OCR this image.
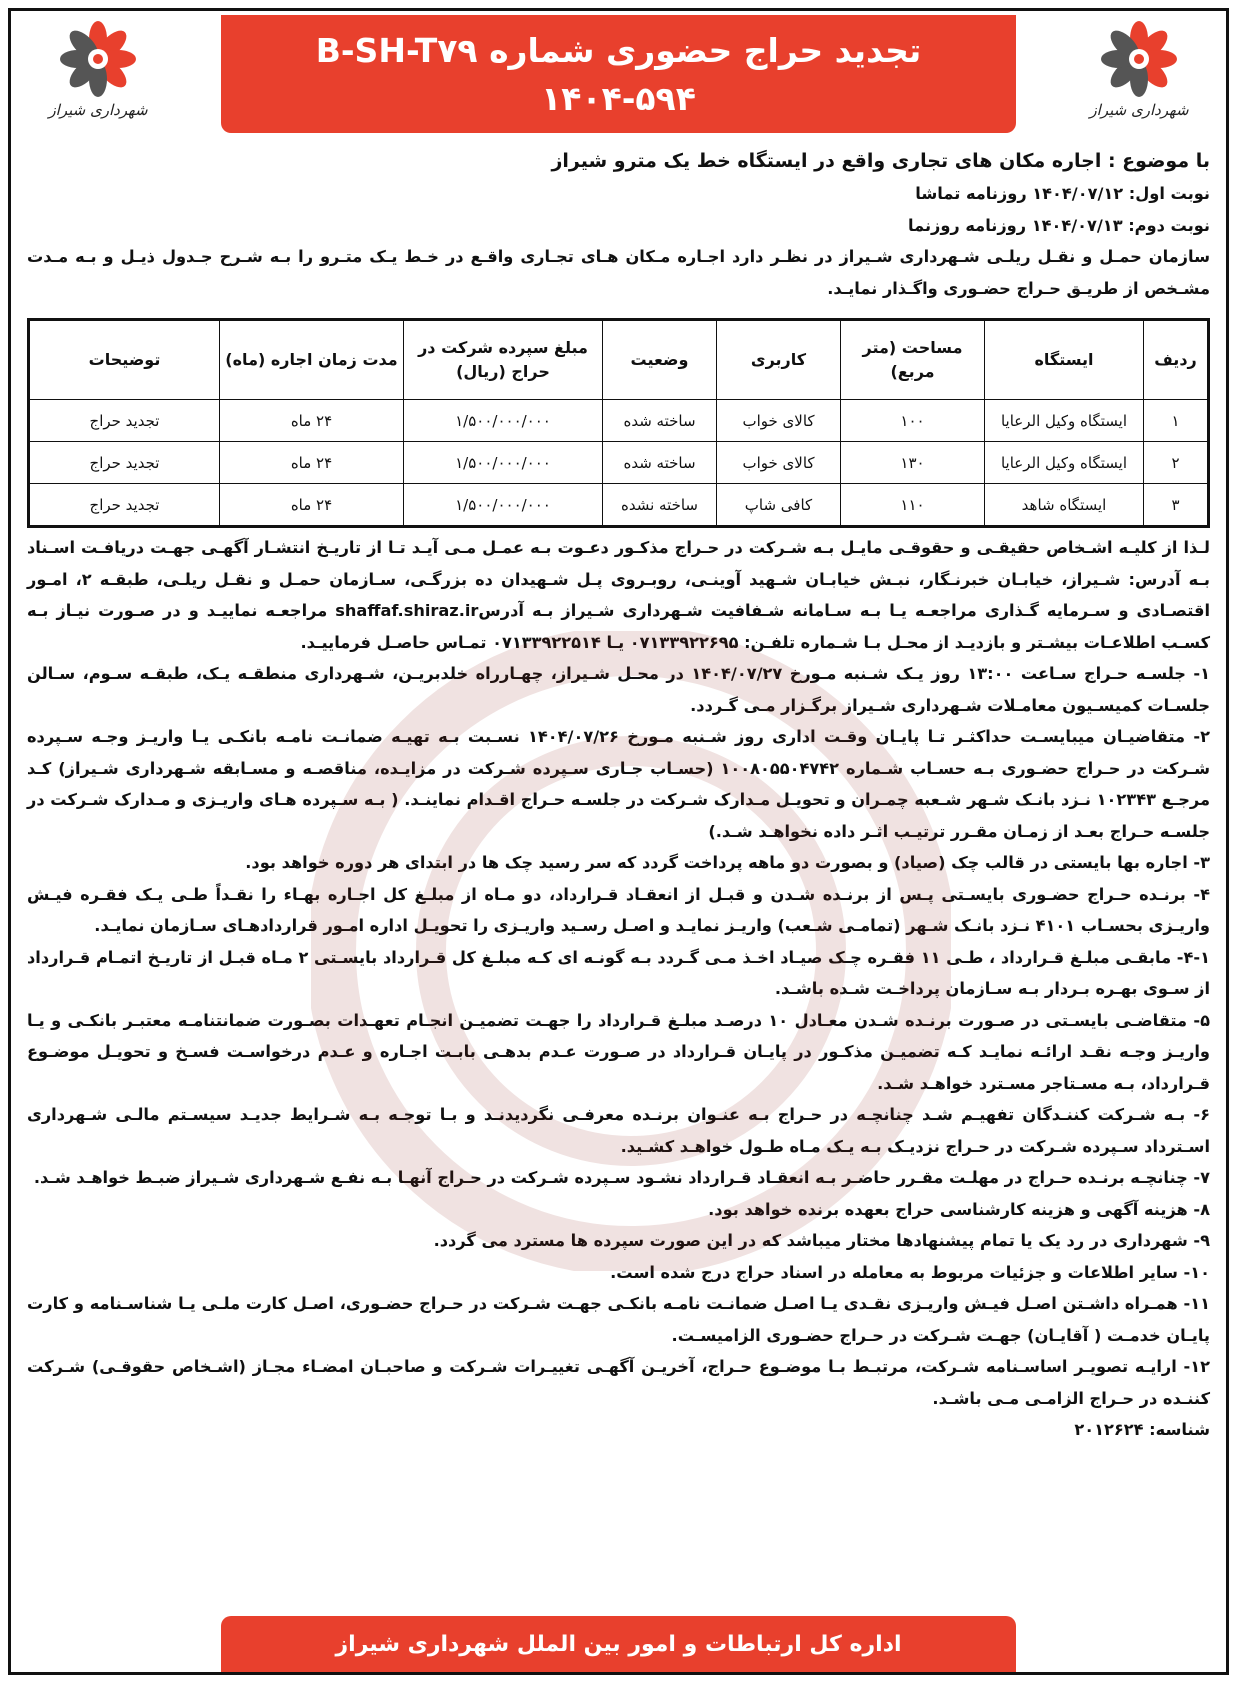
شهرداری شیراز
تجدید حراج حضوری شماره B-SH-T۷۹
۱۴۰۴-۵۹۴
شهرداری شیراز
با موضوع : اجاره مکان های تجاری واقع در ایستگاه خط یک مترو شیراز
نوبت اول: ۱۴۰۴/۰۷/۱۲ روزنامه تماشا
نوبت دوم: ۱۴۰۴/۰۷/۱۳ روزنامه روزنما

سازمان حمـل و نقـل ریلـی شـهرداری شـیراز در نظـر دارد اجـاره مـکان هـای تجـاری واقـع در خـط یـک متـرو را بـه شـرح جـدول ذیـل و بـه مـدت مشـخص از طریـق حـراج حضـوری واگـذار نمایـد.

ردیف	ایستگاه	مساحت (متر مربع)	کاربری	وضعیت	مبلغ سپرده شرکت در حراج (ریال)	مدت زمان اجاره (ماه)	توضیحات
۱	ایستگاه وکیل الرعایا	۱۰۰	کالای خواب	ساخته شده	۱/۵۰۰/۰۰۰/۰۰۰	۲۴ ماه	تجدید حراج
۲	ایستگاه وکیل الرعایا	۱۳۰	کالای خواب	ساخته شده	۱/۵۰۰/۰۰۰/۰۰۰	۲۴ ماه	تجدید حراج
۳	ایستگاه شاهد	۱۱۰	کافی شاپ	ساخته نشده	۱/۵۰۰/۰۰۰/۰۰۰	۲۴ ماه	تجدید حراج

لـذا از کلیـه اشـخاص حقیقـی و حقوقـی مایـل بـه شـرکت در حـراج مذکـور دعـوت بـه عمـل مـی آیـد تـا از تاریـخ انتشـار آگهـی جهـت دریافـت اسـناد بـه آدرس: شـیراز، خیابـان خبرنـگار، نبـش خیابـان شـهید آوینـی، روبـروی پـل شـهیدان ده بزرگـی، سـازمان حمـل و نقـل ریلـی، طبقـه ۲، امـور اقتصـادی و سـرمایه گـذاری مراجعـه یـا بـه سـامانه شـفافیت شـهرداری شـیراز بـه آدرسshaffaf.shiraz.ir مراجعـه نماییـد و در صـورت نیـاز بـه کسـب اطلاعـات بیشـتر و بازدیـد از محـل بـا شـماره تلفـن: ۰۷۱۳۳۹۲۲۶۹۵ یـا ۰۷۱۳۳۹۲۲۵۱۴ تمـاس حاصـل فرماییـد.

۱- جلسـه حـراج سـاعت ۱۳:۰۰ روز یـک شـنبه مـورخ ۱۴۰۴/۰۷/۲۷ در محـل شـیراز، چهـارراه خلدبریـن، شـهرداری منطقـه یـک، طبقـه سـوم، سـالن جلسـات کمیسـیون معامـلات شـهرداری شـیراز برگـزار مـی گـردد.

۲- متقاضیـان میبایسـت حداکثـر تـا پایـان وقـت اداری روز شـنبه مـورخ ۱۴۰۴/۰۷/۲۶ نسـبت بـه تهیـه ضمانـت نامـه بانکـی یـا واریـز وجـه سـپرده شـرکت در حـراج حضـوری بـه حسـاب شـماره ۱۰۰۸۰۵۵۰۴۷۴۲ (حسـاب جـاری سـپرده شـرکت در مزایـده، مناقصـه و مسـابقه شـهرداری شـیراز) کـد مرجـع ۱۰۲۳۴۳ نـزد بانـک شـهر شـعبه چمـران و تحویـل مـدارک شـرکت در جلسـه حـراج اقـدام نماینـد. ( بـه سـپرده هـای واریـزی و مـدارک شـرکت در جلسـه حـراج بعـد از زمـان مقـرر ترتیـب اثـر داده نخواهـد شـد.)

۳- اجاره بها بایستی در قالب چک (صیاد) و بصورت دو ماهه پرداخت گردد که سر رسید چک ها در ابتدای هر دوره خواهد بود.

۴- برنـده حـراج حضـوری بایسـتی پـس از برنـده شـدن و قبـل از انعقـاد قـرارداد، دو مـاه از مبلـغ کل اجـاره بهـاء را نقـداً طـی یـک فقـره فیـش واریـزی بحسـاب ۴۱۰۱ نـزد بانـک شـهر (تمامـی شـعب) واریـز نمایـد و اصـل رسـید واریـزی را تحویـل اداره امـور قراردادهـای سـازمان نمایـد.

۴-۱- مابقـی مبلـغ قـرارداد ، طـی ۱۱ فقـره چـک صیـاد اخـذ مـی گـردد بـه گونـه ای کـه مبلـغ کل قـرارداد بایسـتی ۲ مـاه قبـل از تاریـخ اتمـام قـرارداد از سـوی بهـره بـردار بـه سـازمان پرداخـت شـده باشـد.

۵- متقاضـی بایسـتی در صـورت برنـده شـدن معـادل ۱۰ درصـد مبلـغ قـرارداد را جهـت تضمیـن انجـام تعهـدات بصـورت ضمانتنامـه معتبـر بانکـی و یـا واریـز وجـه نقـد ارائـه نمایـد کـه تضمیـن مذکـور در پایـان قـرارداد در صـورت عـدم بدهـی بابـت اجـاره و عـدم درخواسـت فسـخ و تحویـل موضـوع قـرارداد، بـه مسـتاجر مسـترد خواهـد شـد.

۶- بـه شـرکت کننـدگان تفهیـم شـد چنانچـه در حـراج بـه عنـوان برنـده معرفـی نگردیدنـد و بـا توجـه بـه شـرایط جدیـد سیسـتم مالـی شـهرداری اسـترداد سـپرده شـرکت در حـراج نزدیـک بـه یـک مـاه طـول خواهـد کشـید.

۷- چنانچـه برنـده حـراج در مهلـت مقـرر حاضـر بـه انعقـاد قـرارداد نشـود سـپرده شـرکت در حـراج آنهـا بـه نفـع شـهرداری شـیراز ضبـط خواهـد شـد.

۸- هزینه آگهی و هزینه کارشناسی حراج بعهده برنده خواهد بود.

۹- شهرداری در رد یک یا تمام پیشنهادها مختار میباشد که در این صورت سپرده ها مسترد می گردد.

۱۰- سایر اطلاعات و جزئیات مربوط به معامله در اسناد حراج درج شده است.

۱۱- همـراه داشـتن اصـل فیـش واریـزی نقـدی یـا اصـل ضمانـت نامـه بانکـی جهـت شـرکت در حـراج حضـوری، اصـل کارت ملـی یـا شناسـنامه و کارت پایـان خدمـت ( آقایـان) جهـت شـرکت در حـراج حضـوری الزامیسـت.

۱۲- ارایـه تصویـر اساسـنامه شـرکت، مرتبـط بـا موضـوع حـراج، آخریـن آگهـی تغییـرات شـرکت و صاحبـان امضـاء مجـاز (اشـخاص حقوقـی) شـرکت کننـده در حـراج الزامـی مـی باشـد.

شناسه: ۲۰۱۲۶۲۴

اداره کل ارتباطات و امور بین الملل شهرداری شیراز
